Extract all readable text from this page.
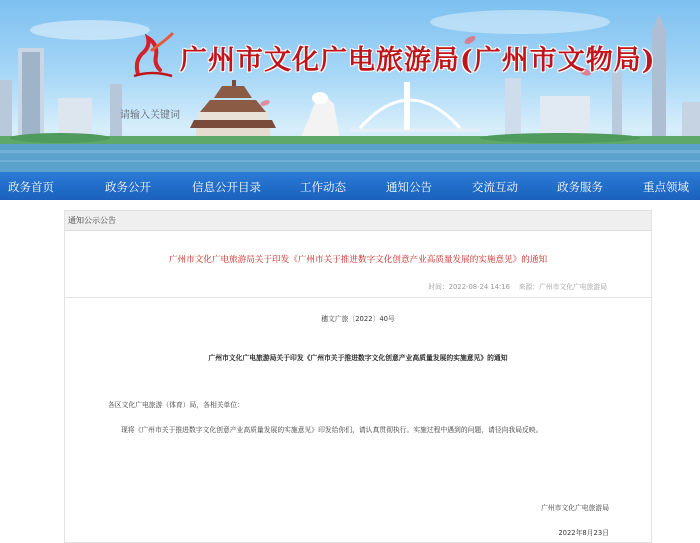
广州市文化广电旅游局(广州市文物局)
请输入关键词
政务首页	政务公开	信息公开目录	工作动态	通知公告	交流互动	政务服务	重点领域
通知公示公告
广州市文化广电旅游局关于印发《广州市关于推进数字文化创意产业高质量发展的实施意见》的通知
时间：2022-08-24 14:16 来源：广州市文化广电旅游局
穗文广旅〔2022〕40号
广州市文化广电旅游局关于印发《广州市关于推进数字文化创意产业高质量发展的实施意见》的通知
各区文化广电旅游（体育）局，各相关单位：
现将《广州市关于推进数字文化创意产业高质量发展的实施意见》印发给你们，请认真贯彻执行。实施过程中遇到的问题，请径向我局反映。
广州市文化广电旅游局
2022年8月23日
